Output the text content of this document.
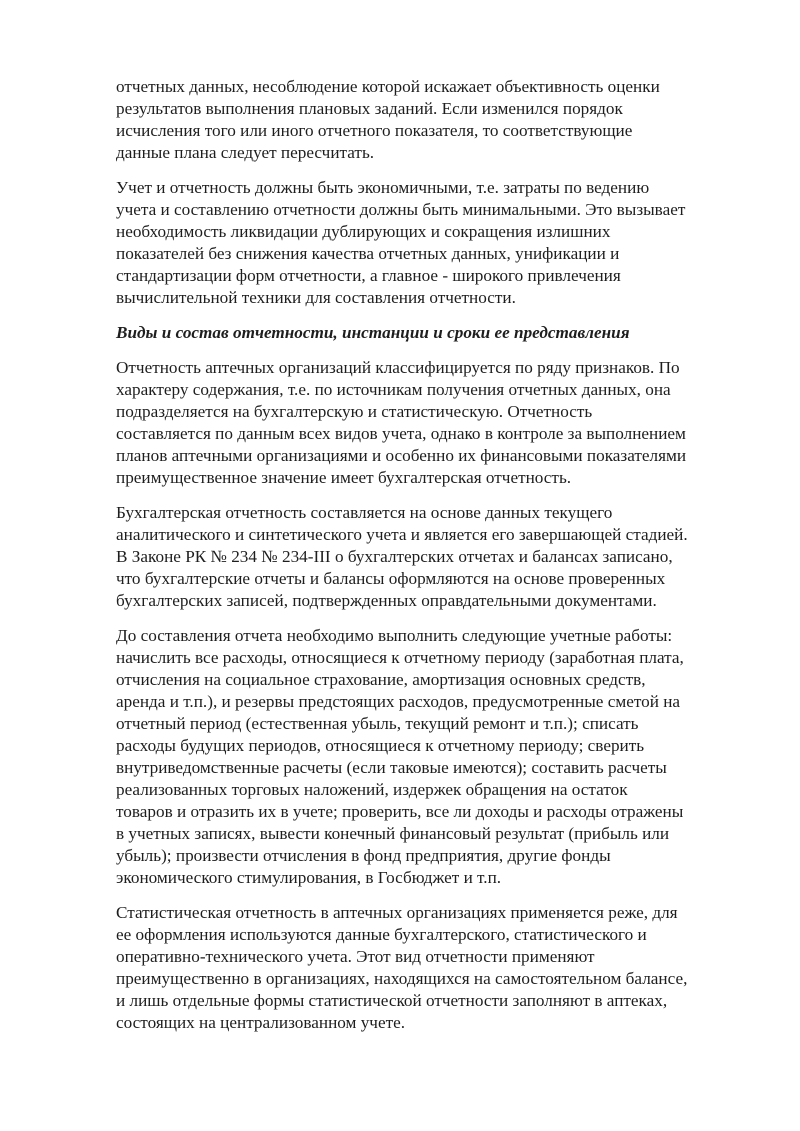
отчетных данных, несоблюдение которой искажает объективность оценки
результатов выполнения плановых заданий. Если изменился порядок
исчисления того или иного отчетного показателя, то соответствующие
данные плана следует пересчитать.

Учет и отчетность должны быть экономичными, т.е. затраты по ведению
учета и составлению отчетности должны быть минимальными. Это вызывает
необходимость ликвидации дублирующих и сокращения излишних
показателей без снижения качества отчетных данных, унификации и
стандартизации форм отчетности, а главное - широкого привлечения
вычислительной техники для составления отчетности.

Виды и состав отчетности, инстанции и сроки ее представления

Отчетность аптечных организаций классифицируется по ряду признаков. По
характеру содержания, т.е. по источникам получения отчетных данных, она
подразделяется на бухгалтерскую и статистическую. Отчетность
составляется по данным всех видов учета, однако в контроле за выполнением
планов аптечными организациями и особенно их финансовыми показателями
преимущественное значение имеет бухгалтерская отчетность.

Бухгалтерская отчетность составляется на основе данных текущего
аналитического и синтетического учета и является его завершающей стадией.
В Законе РК № 234 № 234-III о бухгалтерских отчетах и балансах записано,
что бухгалтерские отчеты и балансы оформляются на основе проверенных
бухгалтерских записей, подтвержденных оправдательными документами.

До составления отчета необходимо выполнить следующие учетные работы:
начислить все расходы, относящиеся к отчетному периоду (заработная плата,
отчисления на социальное страхование, амортизация основных средств,
аренда и т.п.), и резервы предстоящих расходов, предусмотренные сметой на
отчетный период (естественная убыль, текущий ремонт и т.п.); списать
расходы будущих периодов, относящиеся к отчетному периоду; сверить
внутриведомственные расчеты (если таковые имеются); составить расчеты
реализованных торговых наложений, издержек обращения на остаток
товаров и отразить их в учете; проверить, все ли доходы и расходы отражены
в учетных записях, вывести конечный финансовый результат (прибыль или
убыль); произвести отчисления в фонд предприятия, другие фонды
экономического стимулирования, в Госбюджет и т.п.

Статистическая отчетность в аптечных организациях применяется реже, для
ее оформления используются данные бухгалтерского, статистического и
оперативно-технического учета. Этот вид отчетности применяют
преимущественно в организациях, находящихся на самостоятельном балансе,
и лишь отдельные формы статистической отчетности заполняют в аптеках,
состоящих на централизованном учете.
